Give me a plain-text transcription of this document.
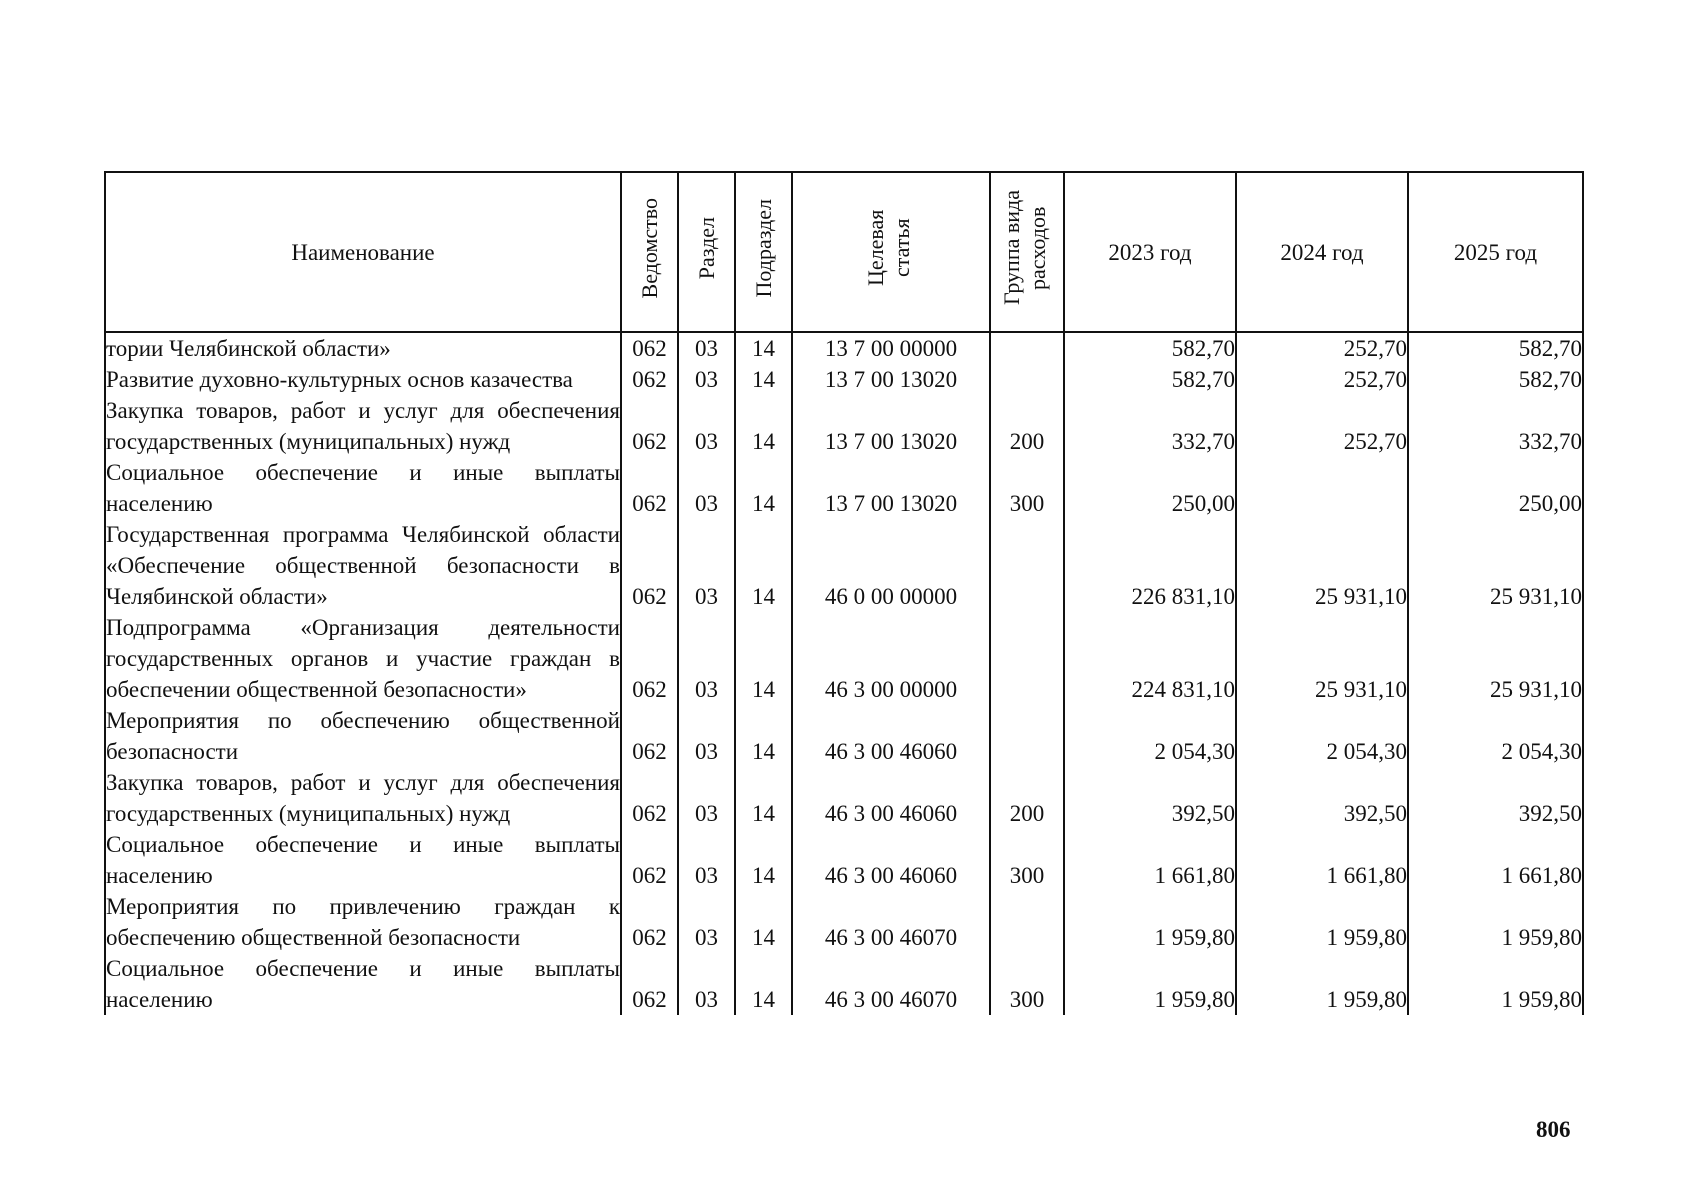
Наименование	Ведомство	Раздел	Подраздел	Целевая статья	Группа вида расходов	2023 год	2024 год	2025 год
тории Челябинской области»	062	03	14	13 7 00 00000		582,70	252,70	582,70
Развитие духовно-культурных основ казачества	062	03	14	13 7 00 13020		582,70	252,70	582,70
Закупка товаров, работ и услуг для обеспечения государственных (муниципальных) нужд	062	03	14	13 7 00 13020	200	332,70	252,70	332,70
Социальное обеспечение и иные выплаты населению	062	03	14	13 7 00 13020	300	250,00		250,00
Государственная программа Челябинской области «Обеспечение общественной безопасности в Челябинской области»	062	03	14	46 0 00 00000		226 831,10	25 931,10	25 931,10
Подпрограмма «Организация деятельности государственных органов и участие граждан в обеспечении общественной безопасности»	062	03	14	46 3 00 00000		224 831,10	25 931,10	25 931,10
Мероприятия по обеспечению общественной безопасности	062	03	14	46 3 00 46060		2 054,30	2 054,30	2 054,30
Закупка товаров, работ и услуг для обеспечения государственных (муниципальных) нужд	062	03	14	46 3 00 46060	200	392,50	392,50	392,50
Социальное обеспечение и иные выплаты населению	062	03	14	46 3 00 46060	300	1 661,80	1 661,80	1 661,80
Мероприятия по привлечению граждан к обеспечению общественной безопасности	062	03	14	46 3 00 46070		1 959,80	1 959,80	1 959,80
Социальное обеспечение и иные выплаты населению	062	03	14	46 3 00 46070	300	1 959,80	1 959,80	1 959,80
806
